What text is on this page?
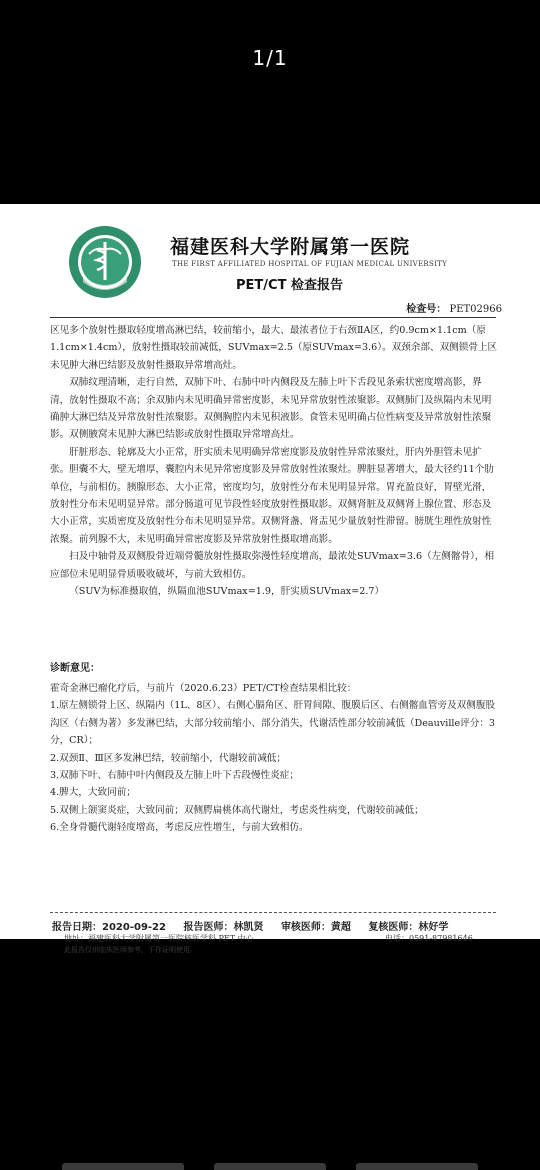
1/1
福建医科大学附属第一医院
THE FIRST AFFILIATED HOSPITAL OF FUJIAN MEDICAL UNIVERSITY
PET/CT 检查报告
检查号： PET02966

区见多个放射性摄取轻度增高淋巴结，较前缩小，最大、最浓者位于右颈ⅡA区，约0.9cm×1.1cm（原1.1cm×1.4cm），放射性摄取较前减低，SUVmax=2.5（原SUVmax=3.6）。双颈余部、双侧锁骨上区未见肿大淋巴结影及放射性摄取异常增高灶。

双肺纹理清晰，走行自然，双肺下叶、右肺中叶内侧段及左肺上叶下舌段见条索状密度增高影，界清，放射性摄取不高；余双肺内未见明确异常密度影，未见异常放射性浓聚影。双侧肺门及纵隔内未见明确肿大淋巴结及异常放射性浓聚影。双侧胸腔内未见积液影。食管未见明确占位性病变及异常放射性浓聚影。双侧腋窝未见肿大淋巴结影或放射性摄取异常增高灶。

肝脏形态、轮廓及大小正常，肝实质未见明确异常密度影及放射性异常浓聚灶，肝内外胆管未见扩张。胆囊不大，壁无增厚，囊腔内未见异常密度影及异常放射性浓聚灶。脾脏显著增大，最大径约11个肋单位，与前相仿。胰腺形态、大小正常，密度均匀，放射性分布未见明显异常。胃充盈良好，胃壁光滑，放射性分布未见明显异常。部分肠道可见节段性轻度放射性摄取影。双侧肾脏及双侧肾上腺位置、形态及大小正常，实质密度及放射性分布未见明显异常。双侧肾盏、肾盂见少量放射性滞留。膀胱生理性放射性浓聚。前列腺不大，未见明确异常密度影及异常放射性摄取增高影。

扫及中轴骨及双侧股骨近端骨髓放射性摄取弥漫性轻度增高，最浓处SUVmax=3.6（左侧髂骨），相应部位未见明显骨质吸收破坏，与前大致相仿。

（SUV为标准摄取值，纵隔血池SUVmax=1.9，肝实质SUVmax=2.7）

诊断意见：

霍奇金淋巴瘤化疗后，与前片（2020.6.23）PET/CT检查结果相比较：

1.原左侧锁骨上区、纵隔内（1L、8区）、右侧心膈角区、肝胃间隙、腹膜后区、右侧髂血管旁及双侧腹股沟区（右侧为著）多发淋巴结，大部分较前缩小、部分消失，代谢活性部分较前减低（Deauville评分：3分，CR）；

2.双颈Ⅱ、Ⅲ区多发淋巴结，较前缩小，代谢较前减低；

3.双肺下叶、右肺中叶内侧段及左肺上叶下舌段慢性炎症；

4.脾大，大致同前；

5.双侧上颌窦炎症，大致同前；双侧腭扁桃体高代谢灶，考虑炎性病变，代谢较前减低；

6.全身骨髓代谢轻度增高，考虑反应性增生，与前大致相仿。

报告日期：2020-09-22 报告医师：林凯贤 审核医师：黄超 复核医师：林好学
地址：福建医科大学附属第一医院核医学科 PET 中心	电话：0591-87981646
此报告仅供临床医师参考，不作证明使用。
